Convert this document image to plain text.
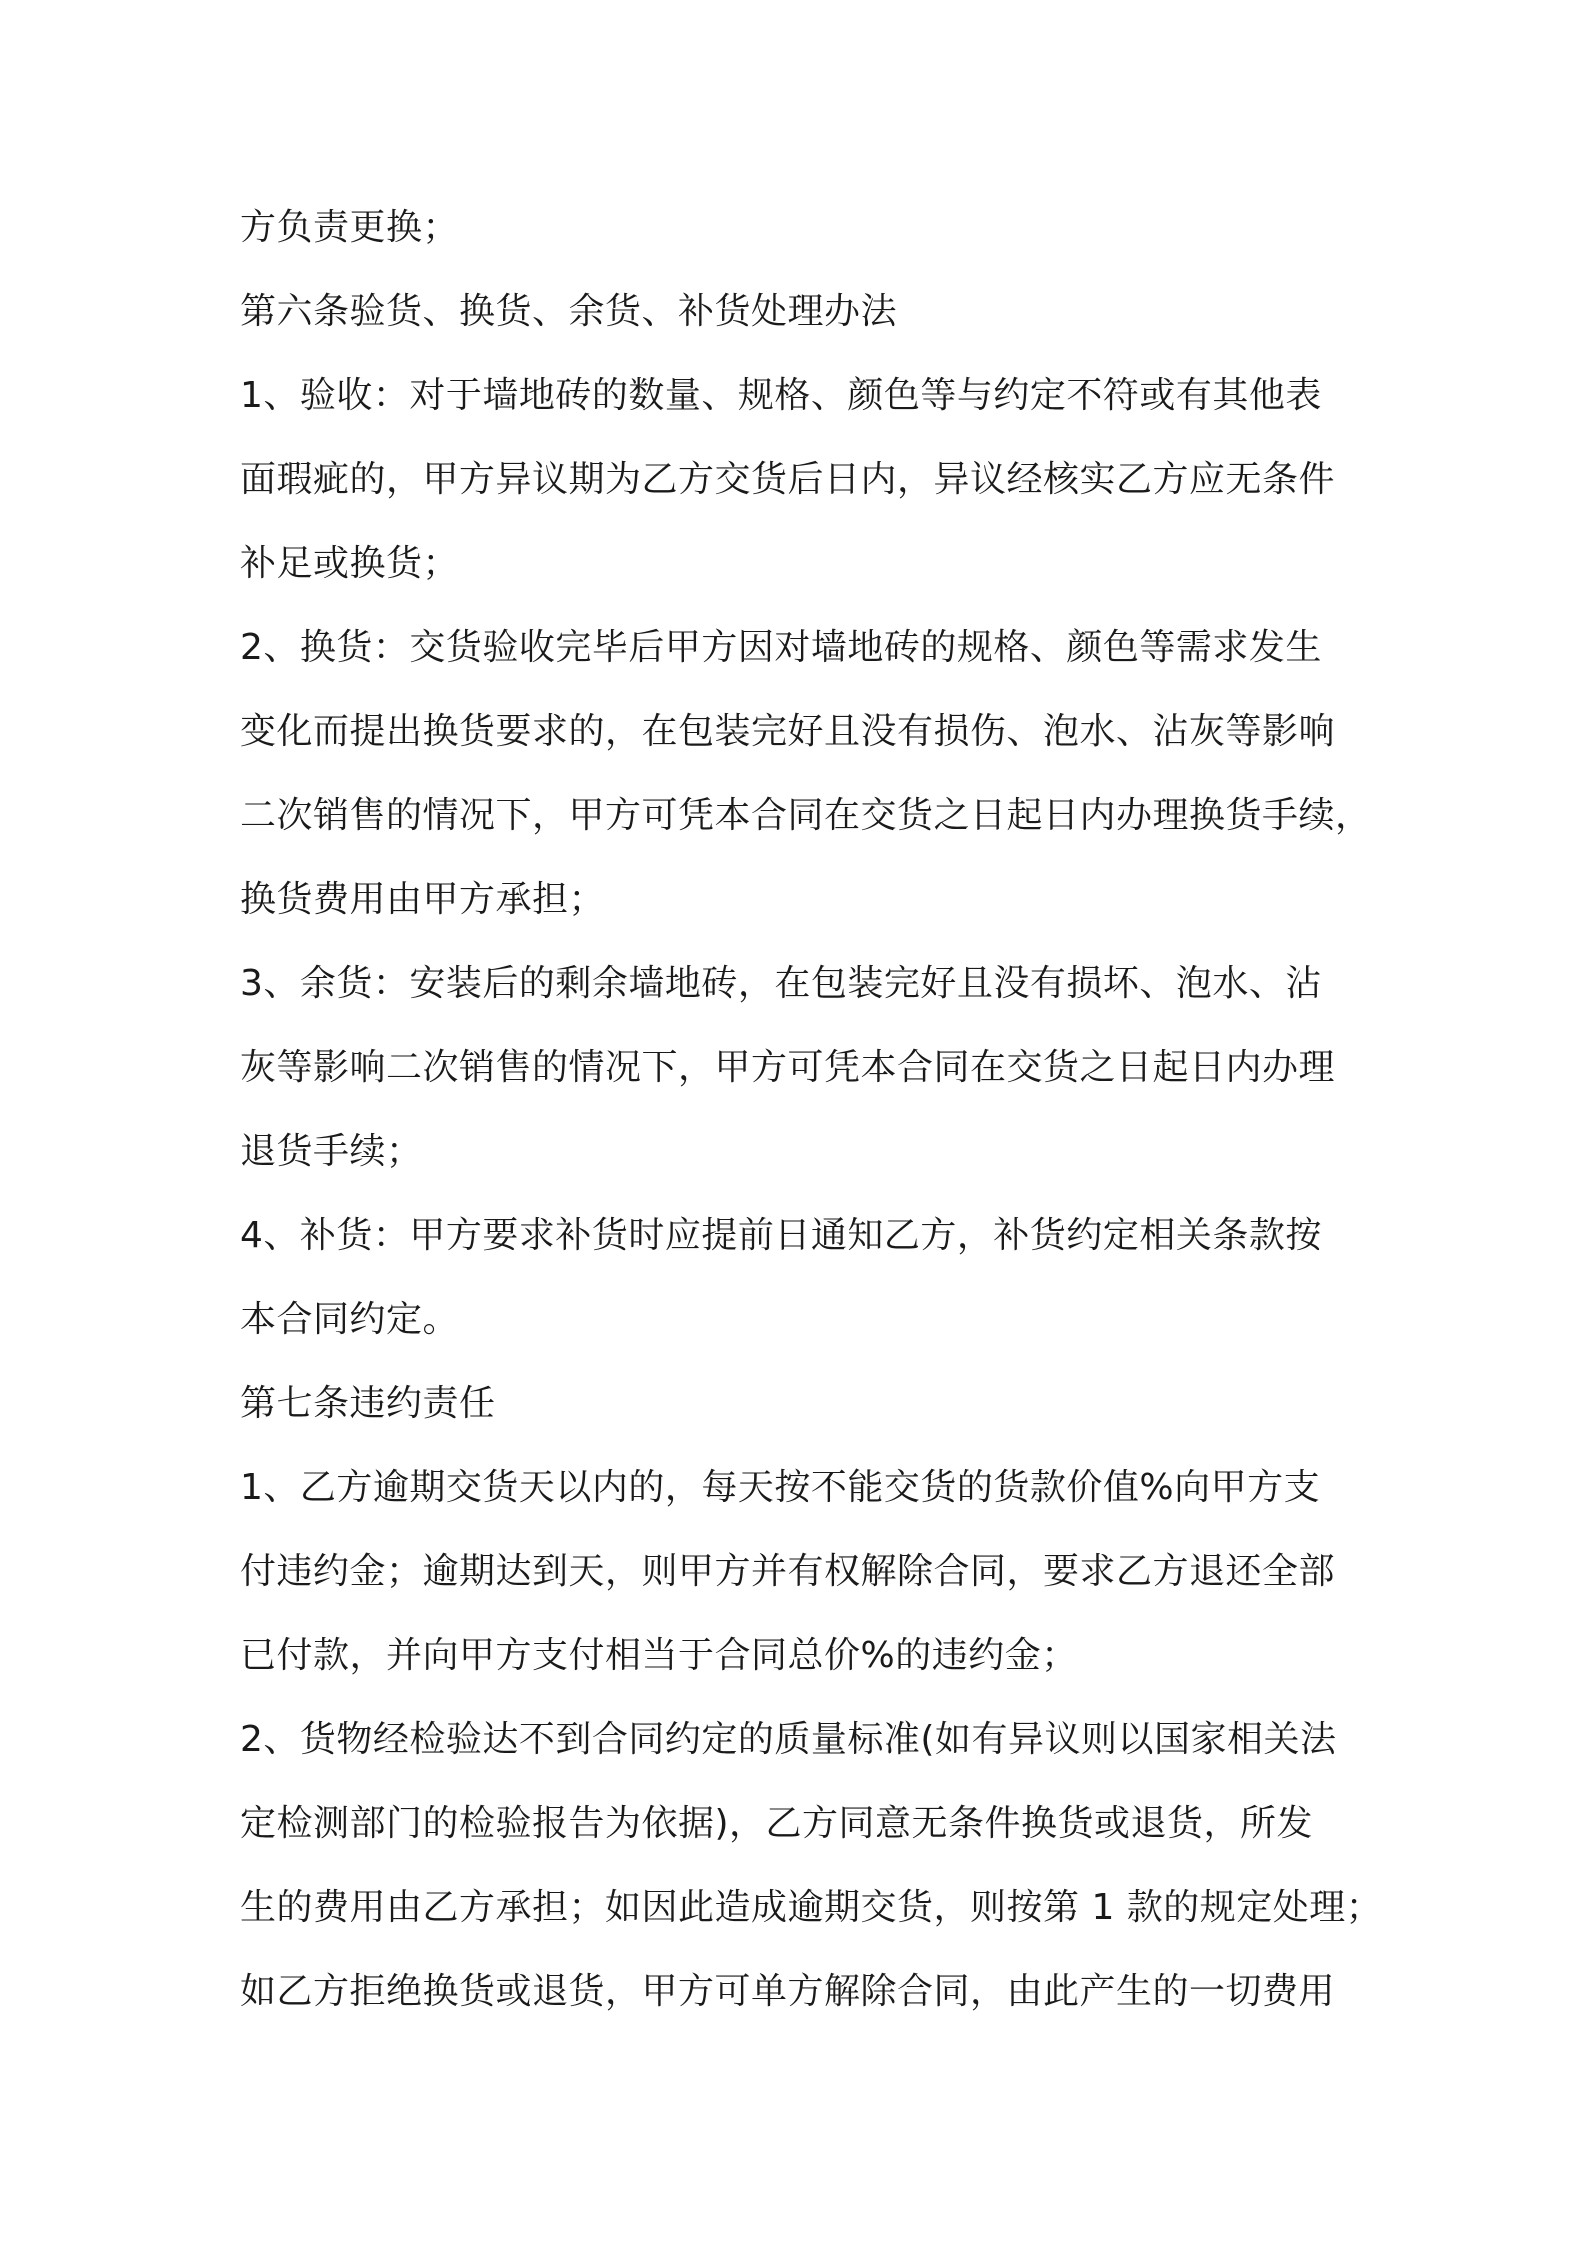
方负责更换；
第六条验货、换货、余货、补货处理办法
1、验收：对于墙地砖的数量、规格、颜色等与约定不符或有其他表
面瑕疵的，甲方异议期为乙方交货后日内，异议经核实乙方应无条件
补足或换货；
2、换货：交货验收完毕后甲方因对墙地砖的规格、颜色等需求发生
变化而提出换货要求的，在包装完好且没有损伤、泡水、沾灰等影响
二次销售的情况下，甲方可凭本合同在交货之日起日内办理换货手续，
换货费用由甲方承担；
3、余货：安装后的剩余墙地砖，在包装完好且没有损坏、泡水、沾
灰等影响二次销售的情况下，甲方可凭本合同在交货之日起日内办理
退货手续；
4、补货：甲方要求补货时应提前日通知乙方，补货约定相关条款按
本合同约定。
第七条违约责任
1、乙方逾期交货天以内的，每天按不能交货的货款价值%向甲方支
付违约金；逾期达到天，则甲方并有权解除合同，要求乙方退还全部
已付款，并向甲方支付相当于合同总价%的违约金；
2、货物经检验达不到合同约定的质量标准(如有异议则以国家相关法
定检测部门的检验报告为依据)，乙方同意无条件换货或退货，所发
生的费用由乙方承担；如因此造成逾期交货，则按第 1 款的规定处理；
如乙方拒绝换货或退货，甲方可单方解除合同，由此产生的一切费用
